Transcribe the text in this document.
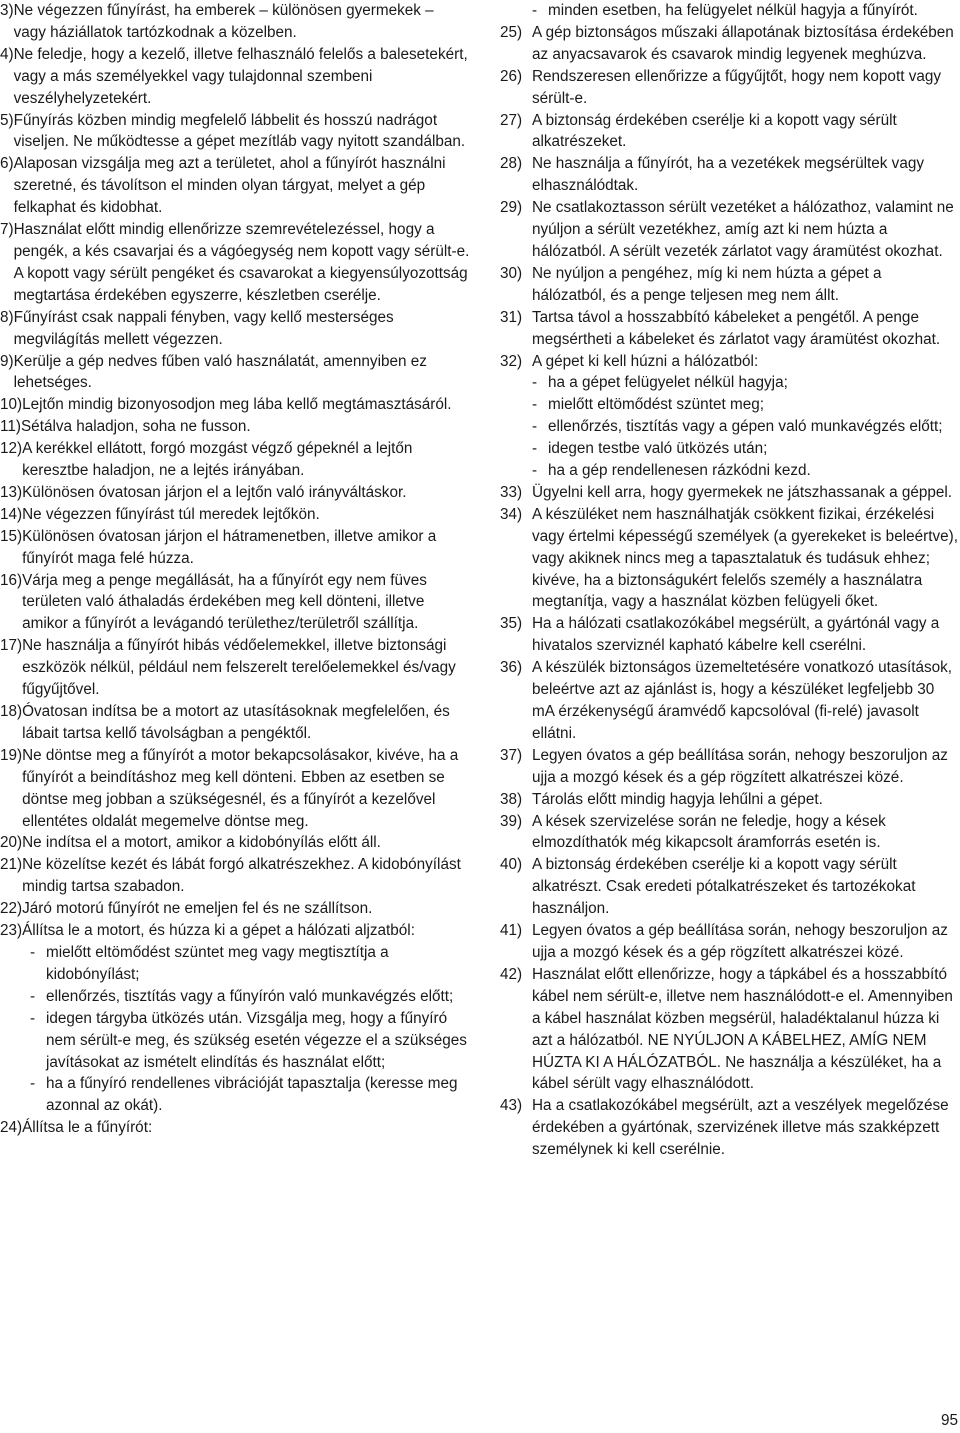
3) Ne végezzen fűnyírást, ha emberek – különösen gyermekek – vagy háziállatok tartózkodnak a közelben.
4) Ne feledje, hogy a kezelő, illetve felhasználó felelős a balesetekért, vagy a más személyekkel vagy tulajdonnal szembeni veszélyhelyzetekért.
5) Fűnyírás közben mindig megfelelő lábbelit és hosszú nadrágot viseljen. Ne működtesse a gépet mezítláb vagy nyitott szandálban.
6) Alaposan vizsgálja meg azt a területet, ahol a fűnyírót használni szeretné, és távolítson el minden olyan tárgyat, melyet a gép felkaphat és kidobhat.
7) Használat előtt mindig ellenőrizze szemrevételezéssel, hogy a pengék, a kés csavarjai és a vágóegység nem kopott vagy sérült-e. A kopott vagy sérült pengéket és csavarokat a kiegyensúlyozottság megtartása érdekében egyszerre, készletben cserélje.
8) Fűnyírást csak nappali fényben, vagy kellő mesterséges megvilágítás mellett végezzen.
9) Kerülje a gép nedves fűben való használatát, amennyiben ez lehetséges.
10) Lejtőn mindig bizonyosodjon meg lába kellő megtámasztásáról.
11) Sétálva haladjon, soha ne fusson.
12) A kerékkel ellátott, forgó mozgást végző gépeknél a lejtőn keresztbe haladjon, ne a lejtés irányában.
13) Különösen óvatosan járjon el a lejtőn való irányváltáskor.
14) Ne végezzen fűnyírást túl meredek lejtőkön.
15) Különösen óvatosan járjon el hátramenetben, illetve amikor a fűnyírót maga felé húzza.
16) Várja meg a penge megállását, ha a fűnyírót egy nem füves területen való áthaladás érdekében meg kell dönteni, illetve amikor a fűnyírót a levágandó területhez/területről szállítja.
17) Ne használja a fűnyírót hibás védőelemekkel, illetve biztonsági eszközök nélkül, például nem felszerelt terelőelemekkel és/vagy fűgyűjtővel.
18) Óvatosan indítsa be a motort az utasításoknak megfelelően, és lábait tartsa kellő távolságban a pengéktől.
19) Ne döntse meg a fűnyírót a motor bekapcsolásakor, kivéve, ha a fűnyírót a beindításhoz meg kell dönteni. Ebben az esetben se döntse meg jobban a szükségesnél, és a fűnyírót a kezelővel ellentétes oldalát megemelve döntse meg.
20) Ne indítsa el a motort, amikor a kidobónyílás előtt áll.
21) Ne közelítse kezét és lábát forgó alkatrészekhez. A kidobónyílást mindig tartsa szabadon.
22) Járó motorú fűnyírót ne emeljen fel és ne szállítson.
23) Állítsa le a motort, és húzza ki a gépet a hálózati aljzatból:
- mielőtt eltömődést szüntet meg vagy megtisztítja a kidobónyílást;
- ellenőrzés, tisztítás vagy a fűnyírón való munkavégzés előtt;
- idegen tárgyba ütközés után. Vizsgálja meg, hogy a fűnyíró nem sérült-e meg, és szükség esetén végezze el a szükséges javításokat az ismételt elindítás és használat előtt;
- ha a fűnyíró rendellenes vibrációját tapasztalja (keresse meg azonnal az okát).
24) Állítsa le a fűnyírót:
- minden esetben, ha felügyelet nélkül hagyja a fűnyírót.
25) A gép biztonságos műszaki állapotának biztosítása érdekében az anyacsavarok és csavarok mindig legyenek meghúzva.
26) Rendszeresen ellenőrizze a fűgyűjtőt, hogy nem kopott vagy sérült-e.
27) A biztonság érdekében cserélje ki a kopott vagy sérült alkatrészeket.
28) Ne használja a fűnyírót, ha a vezetékek megsérültek vagy elhasználódtak.
29) Ne csatlakoztasson sérült vezetéket a hálózathoz, valamint ne nyúljon a sérült vezetékhez, amíg azt ki nem húzta a hálózatból. A sérült vezeték zárlatot vagy áramütést okozhat.
30) Ne nyúljon a pengéhez, míg ki nem húzta a gépet a hálózatból, és a penge teljesen meg nem állt.
31) Tartsa távol a hosszabbító kábeleket a pengétől. A penge megsértheti a kábeleket és zárlatot vagy áramütést okozhat.
32) A gépet ki kell húzni a hálózatból:
- ha a gépet felügyelet nélkül hagyja;
- mielőtt eltömődést szüntet meg;
- ellenőrzés, tisztítás vagy a gépen való munkavégzés előtt;
- idegen testbe való ütközés után;
- ha a gép rendellenesen rázkódni kezd.
33) Ügyelni kell arra, hogy gyermekek ne játszhassanak a géppel.
34) A készüléket nem használhatják csökkent fizikai, érzékelési vagy értelmi képességű személyek (a gyerekeket is beleértve), vagy akiknek nincs meg a tapasztalatuk és tudásuk ehhez; kivéve, ha a biztonságukért felelős személy a használatra megtanítja, vagy a használat közben felügyeli őket.
35) Ha a hálózati csatlakozókábel megsérült, a gyártónál vagy a hivatalos szerviznél kapható kábelre kell cserélni.
36) A készülék biztonságos üzemeltetésére vonatkozó utasítások, beleértve azt az ajánlást is, hogy a készüléket legfeljebb 30 mA érzékenységű áramvédő kapcsolóval (fi-relé) javasolt ellátni.
37) Legyen óvatos a gép beállítása során, nehogy beszoruljon az ujja a mozgó kések és a gép rögzített alkatrészei közé.
38) Tárolás előtt mindig hagyja lehűlni a gépet.
39) A kések szervizelése során ne feledje, hogy a kések elmozdíthatók még kikapcsolt áramforrás esetén is.
40) A biztonság érdekében cserélje ki a kopott vagy sérült alkatrészt. Csak eredeti pótalkatrészeket és tartozékokat használjon.
41) Legyen óvatos a gép beállítása során, nehogy beszoruljon az ujja a mozgó kések és a gép rögzített alkatrészei közé.
42) Használat előtt ellenőrizze, hogy a tápkábel és a hosszabbító kábel nem sérült-e, illetve nem használódott-e el. Amennyiben a kábel használat közben megsérül, haladéktalanul húzza ki azt a hálózatból. NE NYÚLJON A KÁBELHEZ, AMÍG NEM HÚZTA KI A HÁLÓZATBÓL. Ne használja a készüléket, ha a kábel sérült vagy elhasználódott.
43) Ha a csatlakozókábel megsérült, azt a veszélyek megelőzése érdekében a gyártónak, szervizének illetve más szakképzett személynek ki kell cserélnie.
95
